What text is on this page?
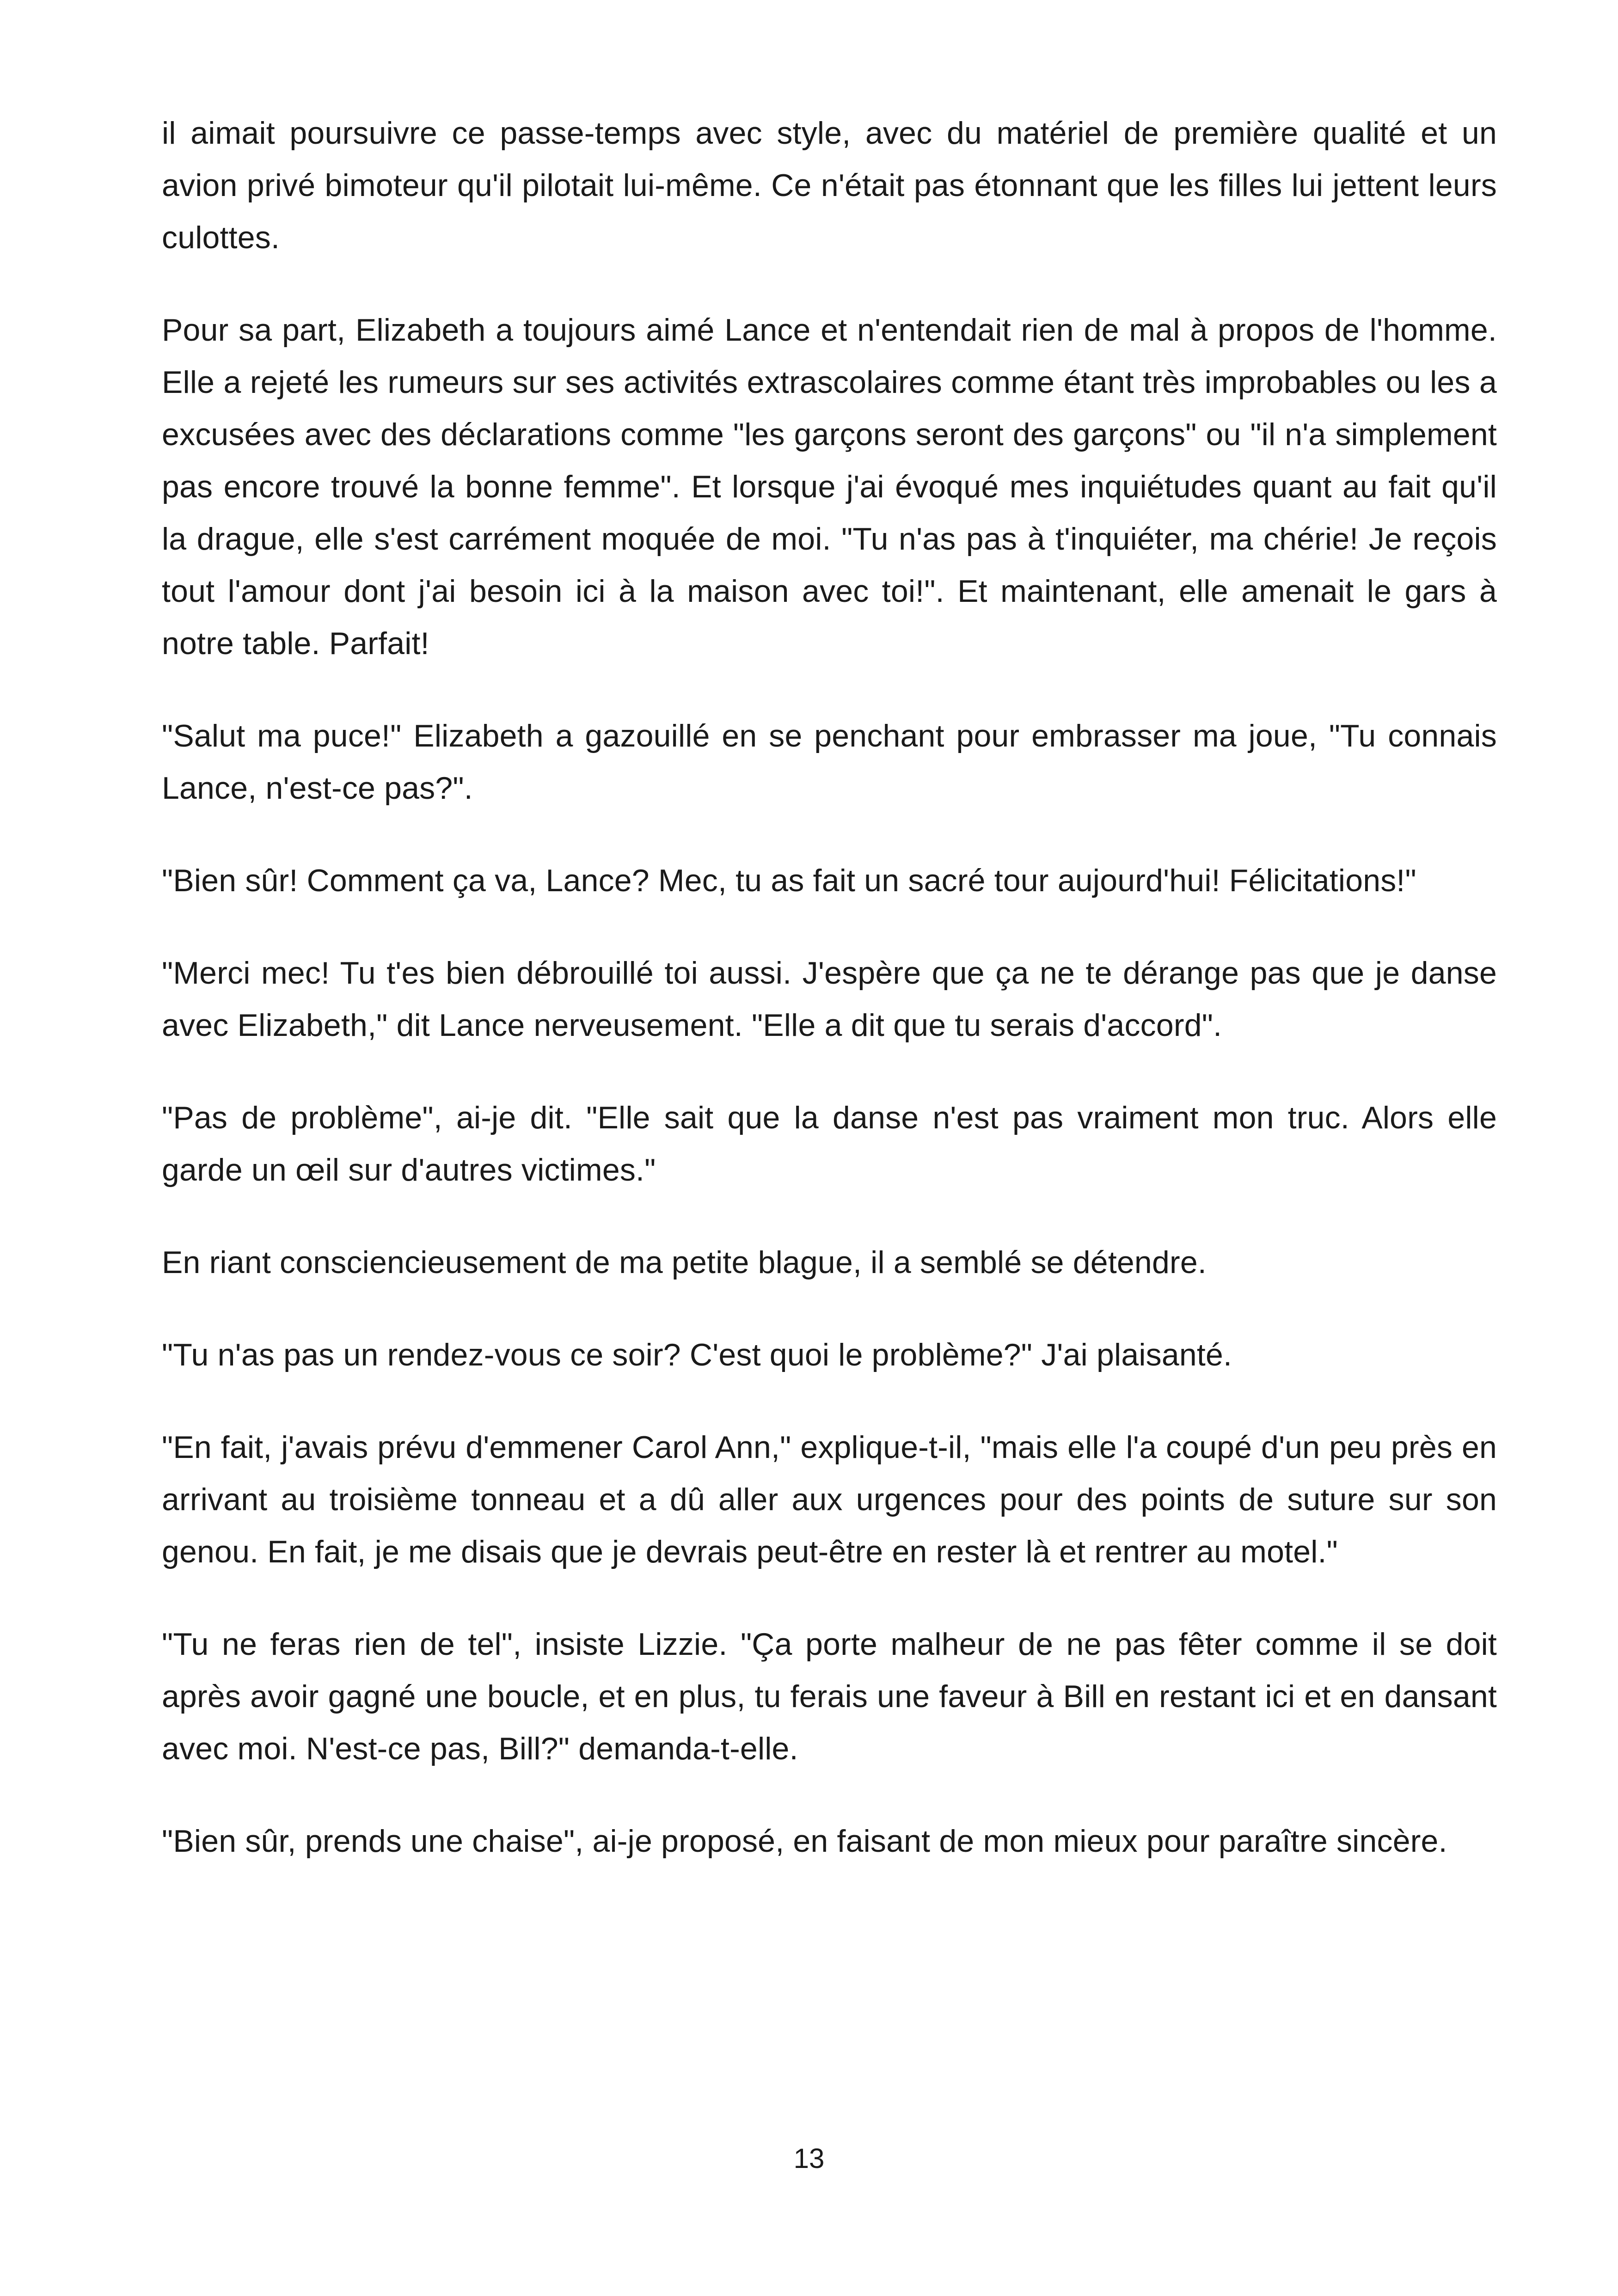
il aimait poursuivre ce passe-temps avec style, avec du matériel de première qualité et un avion privé bimoteur qu'il pilotait lui-même. Ce n'était pas étonnant que les filles lui jettent leurs culottes.

Pour sa part, Elizabeth a toujours aimé Lance et n'entendait rien de mal à propos de l'homme. Elle a rejeté les rumeurs sur ses activités extrascolaires comme étant très improbables ou les a excusées avec des déclarations comme "les garçons seront des garçons" ou "il n'a simplement pas encore trouvé la bonne femme". Et lorsque j'ai évoqué mes inquiétudes quant au fait qu'il la drague, elle s'est carrément moquée de moi. "Tu n'as pas à t'inquiéter, ma chérie! Je reçois tout l'amour dont j'ai besoin ici à la maison avec toi!". Et maintenant, elle amenait le gars à notre table. Parfait!

"Salut ma puce!" Elizabeth a gazouillé en se penchant pour embrasser ma joue, "Tu connais Lance, n'est-ce pas?".

"Bien sûr! Comment ça va, Lance? Mec, tu as fait un sacré tour aujourd'hui! Félicitations!"

"Merci mec! Tu t'es bien débrouillé toi aussi. J'espère que ça ne te dérange pas que je danse avec Elizabeth," dit Lance nerveusement. "Elle a dit que tu serais d'accord".

"Pas de problème", ai-je dit. "Elle sait que la danse n'est pas vraiment mon truc. Alors elle garde un œil sur d'autres victimes."

En riant consciencieusement de ma petite blague, il a semblé se détendre.

"Tu n'as pas un rendez-vous ce soir? C'est quoi le problème?" J'ai plaisanté.

"En fait, j'avais prévu d'emmener Carol Ann," explique-t-il, "mais elle l'a coupé d'un peu près en arrivant au troisième tonneau et a dû aller aux urgences pour des points de suture sur son genou. En fait, je me disais que je devrais peut-être en rester là et rentrer au motel."

"Tu ne feras rien de tel", insiste Lizzie. "Ça porte malheur de ne pas fêter comme il se doit après avoir gagné une boucle, et en plus, tu ferais une faveur à Bill en restant ici et en dansant avec moi. N'est-ce pas, Bill?" demanda-t-elle.

"Bien sûr, prends une chaise", ai-je proposé, en faisant de mon mieux pour paraître sincère.

13
